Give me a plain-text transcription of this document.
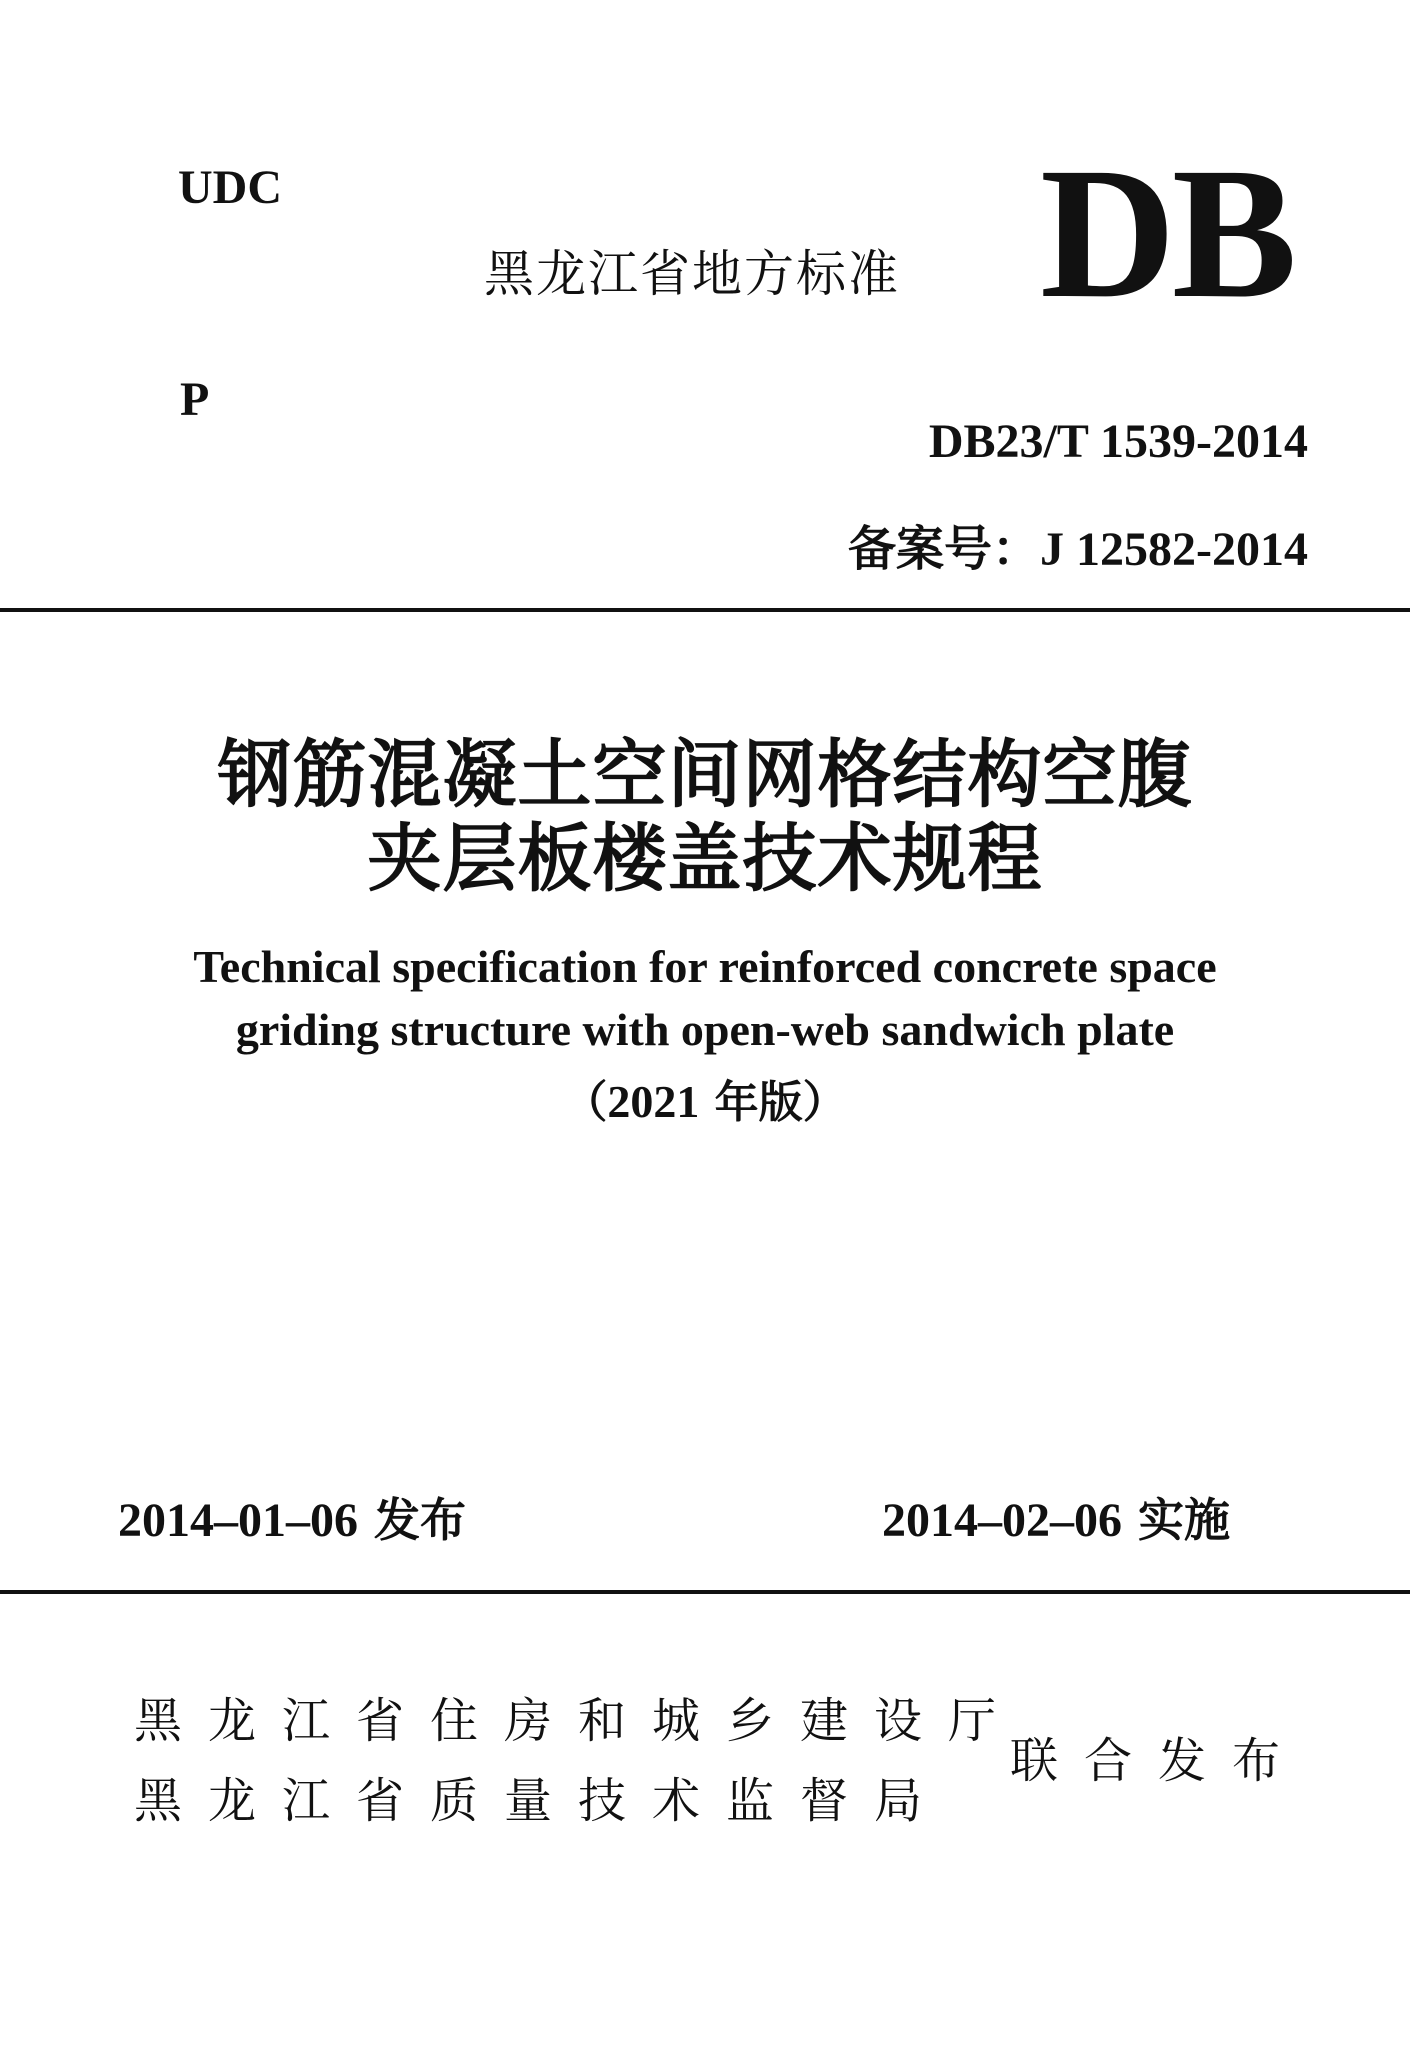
UDC
黑龙江省地方标准 DB
P
DB23/T 1539-2014
备案号：J 12582-2014
钢筋混凝土空间网格结构空腹
夹层板楼盖技术规程
Technical specification for reinforced concrete space
griding structure with open-web sandwich plate
（2021 年版）
2014–01–06 发布	2014–02–06 实施
黑龙江省住房和城乡建设厅
黑龙江省质量技术监督局
联合发布
